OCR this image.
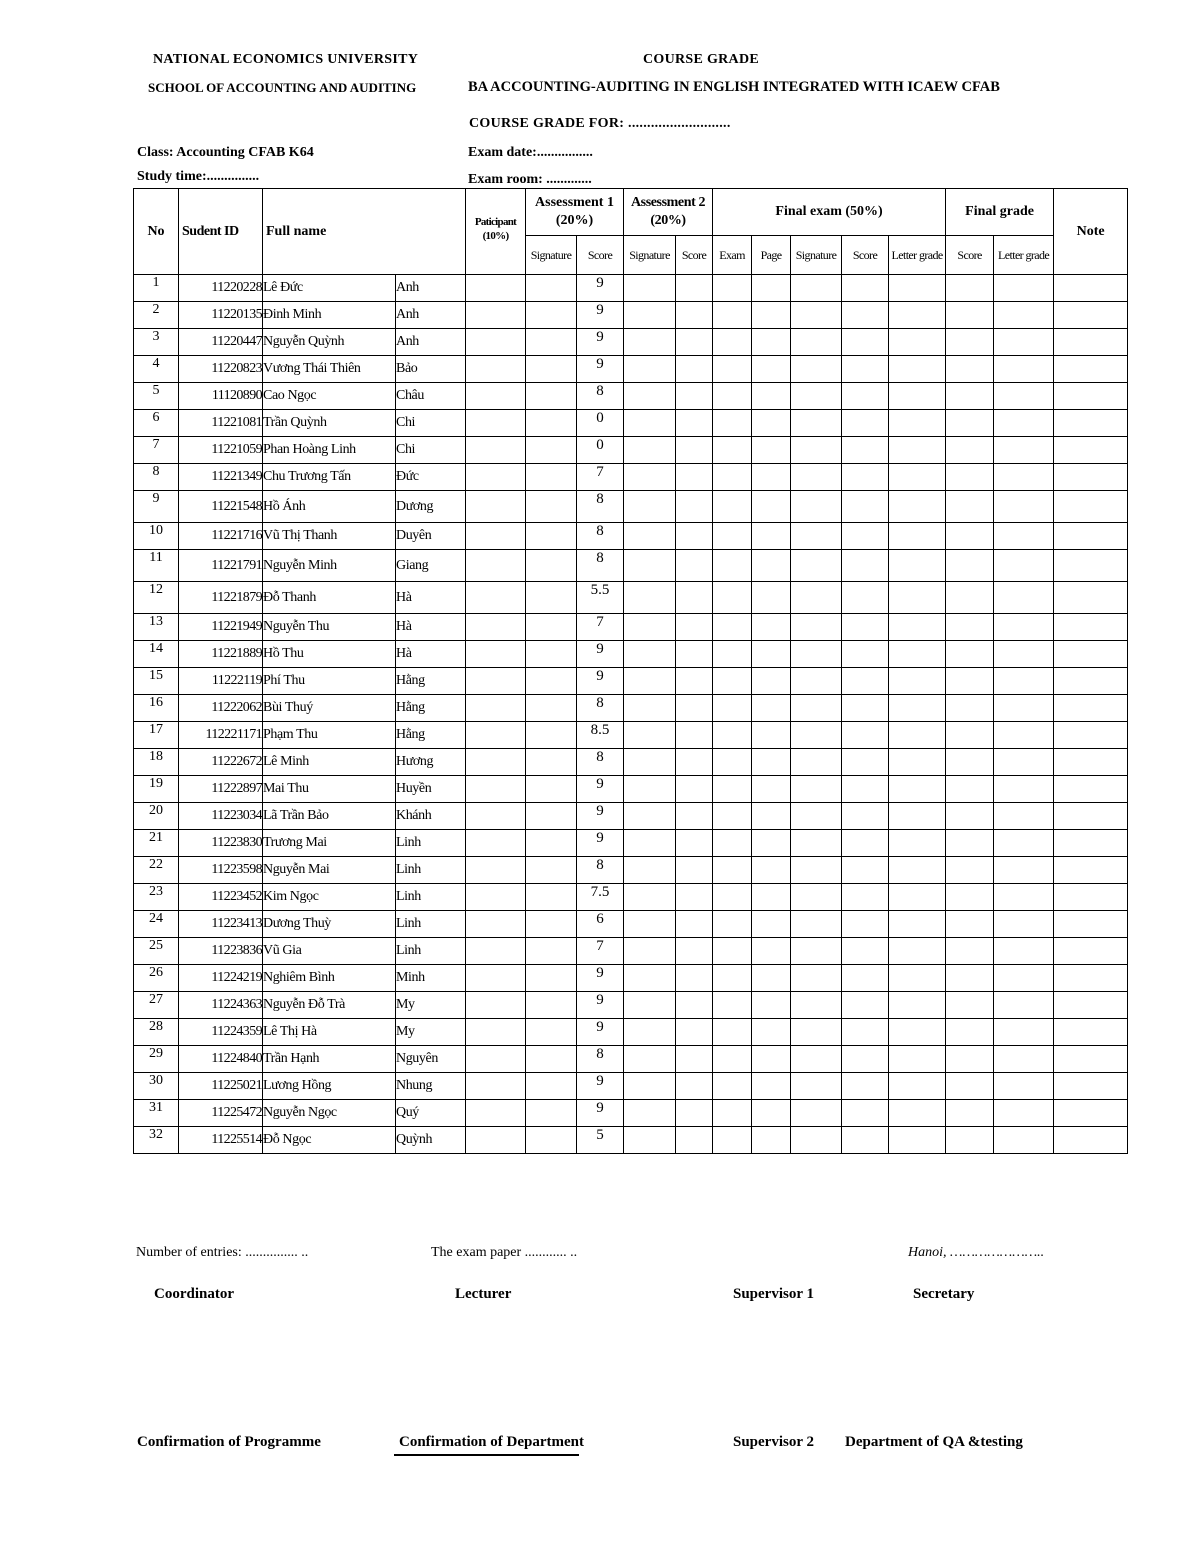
NATIONAL ECONOMICS UNIVERSITY	COURSE GRADE
SCHOOL OF ACCOUNTING AND AUDITING	BA ACCOUNTING-AUDITING IN ENGLISH INTEGRATED WITH ICAEW CFAB
COURSE GRADE FOR: ...........................
Class: Accounting CFAB K64	Exam date:................
Study time:...............	Exam room: .............
No	Sudent ID	Full name		Paticipant (10%)	Assessment 1 (20%)		Assessment 2 (20%)		Final exam (50%)					Final grade		Note
					Signature	Score	Signature	Score	Exam	Page	Signature	Score	Letter grade	Score	Letter grade	
1	11220228	Lê Đức	Anh			9										
2	11220135	Đinh Minh	Anh			9										
3	11220447	Nguyễn Quỳnh	Anh			9										
4	11220823	Vương Thái Thiên	Bảo			9										
5	11120890	Cao Ngọc	Châu			8										
6	11221081	Trần Quỳnh	Chi			0										
7	11221059	Phan Hoàng Linh	Chi			0										
8	11221349	Chu Trương Tấn	Đức			7										
9	11221548	Hồ Ánh	Dương			8										
10	11221716	Vũ Thị Thanh	Duyên			8										
11	11221791	Nguyễn Minh	Giang			8										
12	11221879	Đỗ Thanh	Hà			5.5										
13	11221949	Nguyễn Thu	Hà			7										
14	11221889	Hồ Thu	Hà			9										
15	11222119	Phí Thu	Hằng			9										
16	11222062	Bùi Thuý	Hằng			8										
17	112221171	Phạm Thu	Hằng			8.5										
18	11222672	Lê Minh	Hương			8										
19	11222897	Mai Thu	Huyền			9										
20	11223034	Lã Trần Bảo	Khánh			9										
21	11223830	Trương Mai	Linh			9										
22	11223598	Nguyễn Mai	Linh			8										
23	11223452	Kim Ngọc	Linh			7.5										
24	11223413	Dương Thuỳ	Linh			6										
25	11223836	Vũ Gia	Linh			7										
26	11224219	Nghiêm Bình	Minh			9										
27	11224363	Nguyễn Đỗ Trà	My			9										
28	11224359	Lê Thị Hà	My			9										
29	11224840	Trần Hạnh	Nguyên			8										
30	11225021	Lương Hồng	Nhung			9										
31	11225472	Nguyễn Ngọc	Quý			9										
32	11225514	Đỗ Ngọc	Quỳnh			5										
Number of entries: ............... ..	The exam paper ............ ..	Hanoi, …………………..
Coordinator	Lecturer	Supervisor 1	Secretary
Confirmation of Programme	Confirmation of Department	Supervisor 2 Department of QA &testing
